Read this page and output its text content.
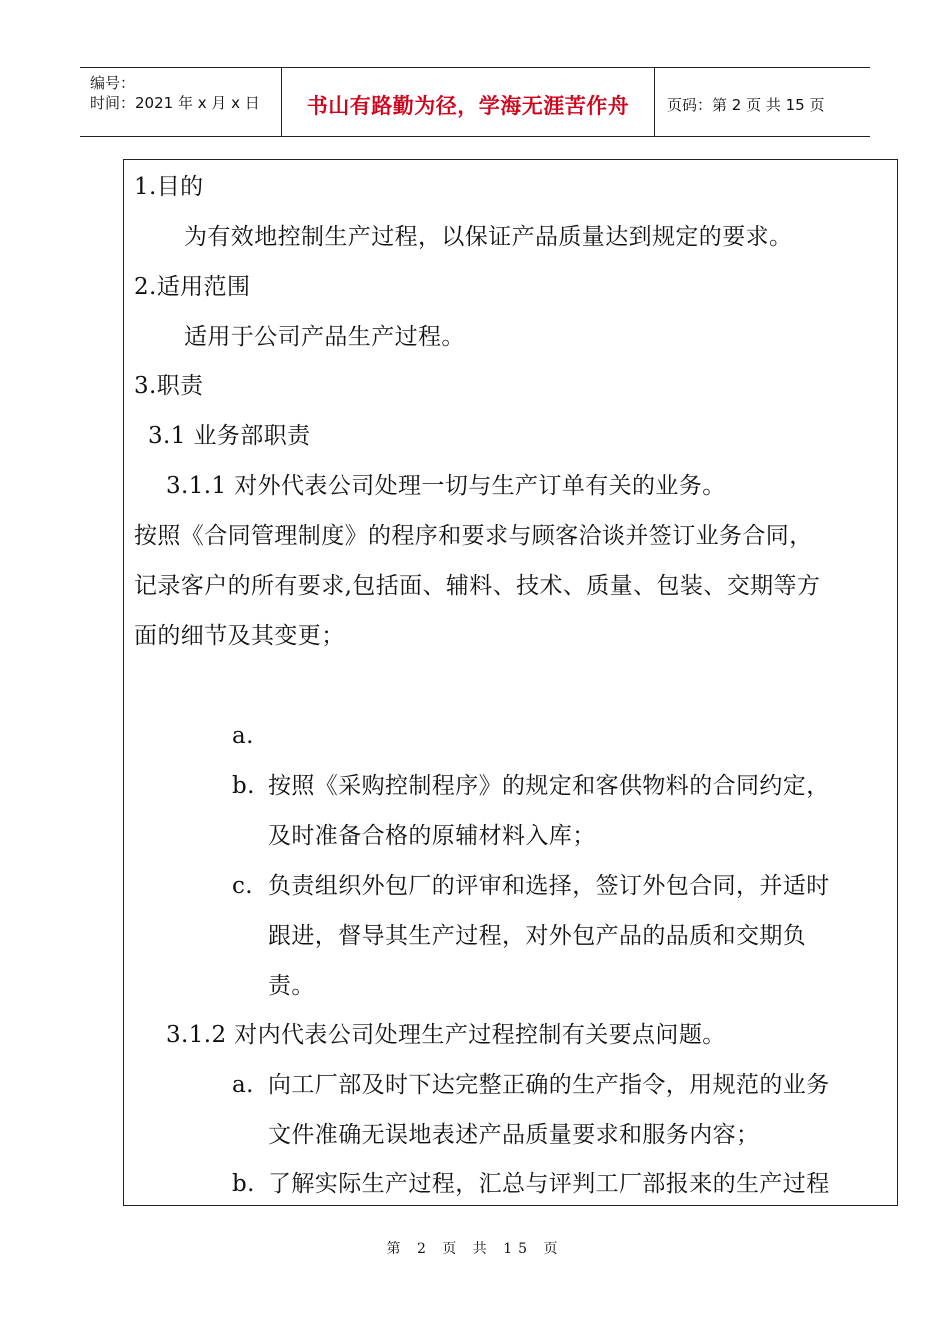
编号：
时间：2021 年 x 月 x 日	书山有路勤为径，学海无涯苦作舟	页码：第 2 页 共 15 页
1.目的
为有效地控制生产过程，以保证产品质量达到规定的要求。
2.适用范围
适用于公司产品生产过程。
3.职责
3.1 业务部职责
3.1.1 对外代表公司处理一切与生产订单有关的业务。
按照《合同管理制度》的程序和要求与顾客洽谈并签订业务合同，
记录客户的所有要求,包括面、辅料、技术、质量、包装、交期等方
面的细节及其变更；
a.
b. 按照《采购控制程序》的规定和客供物料的合同约定，
及时准备合格的原辅材料入库；
c. 负责组织外包厂的评审和选择，签订外包合同，并适时
跟进，督导其生产过程，对外包产品的品质和交期负
责。
3.1.2 对内代表公司处理生产过程控制有关要点问题。
a. 向工厂部及时下达完整正确的生产指令，用规范的业务
文件准确无误地表述产品质量要求和服务内容；
b. 了解实际生产过程，汇总与评判工厂部报来的生产过程
第 2 页 共 15 页
